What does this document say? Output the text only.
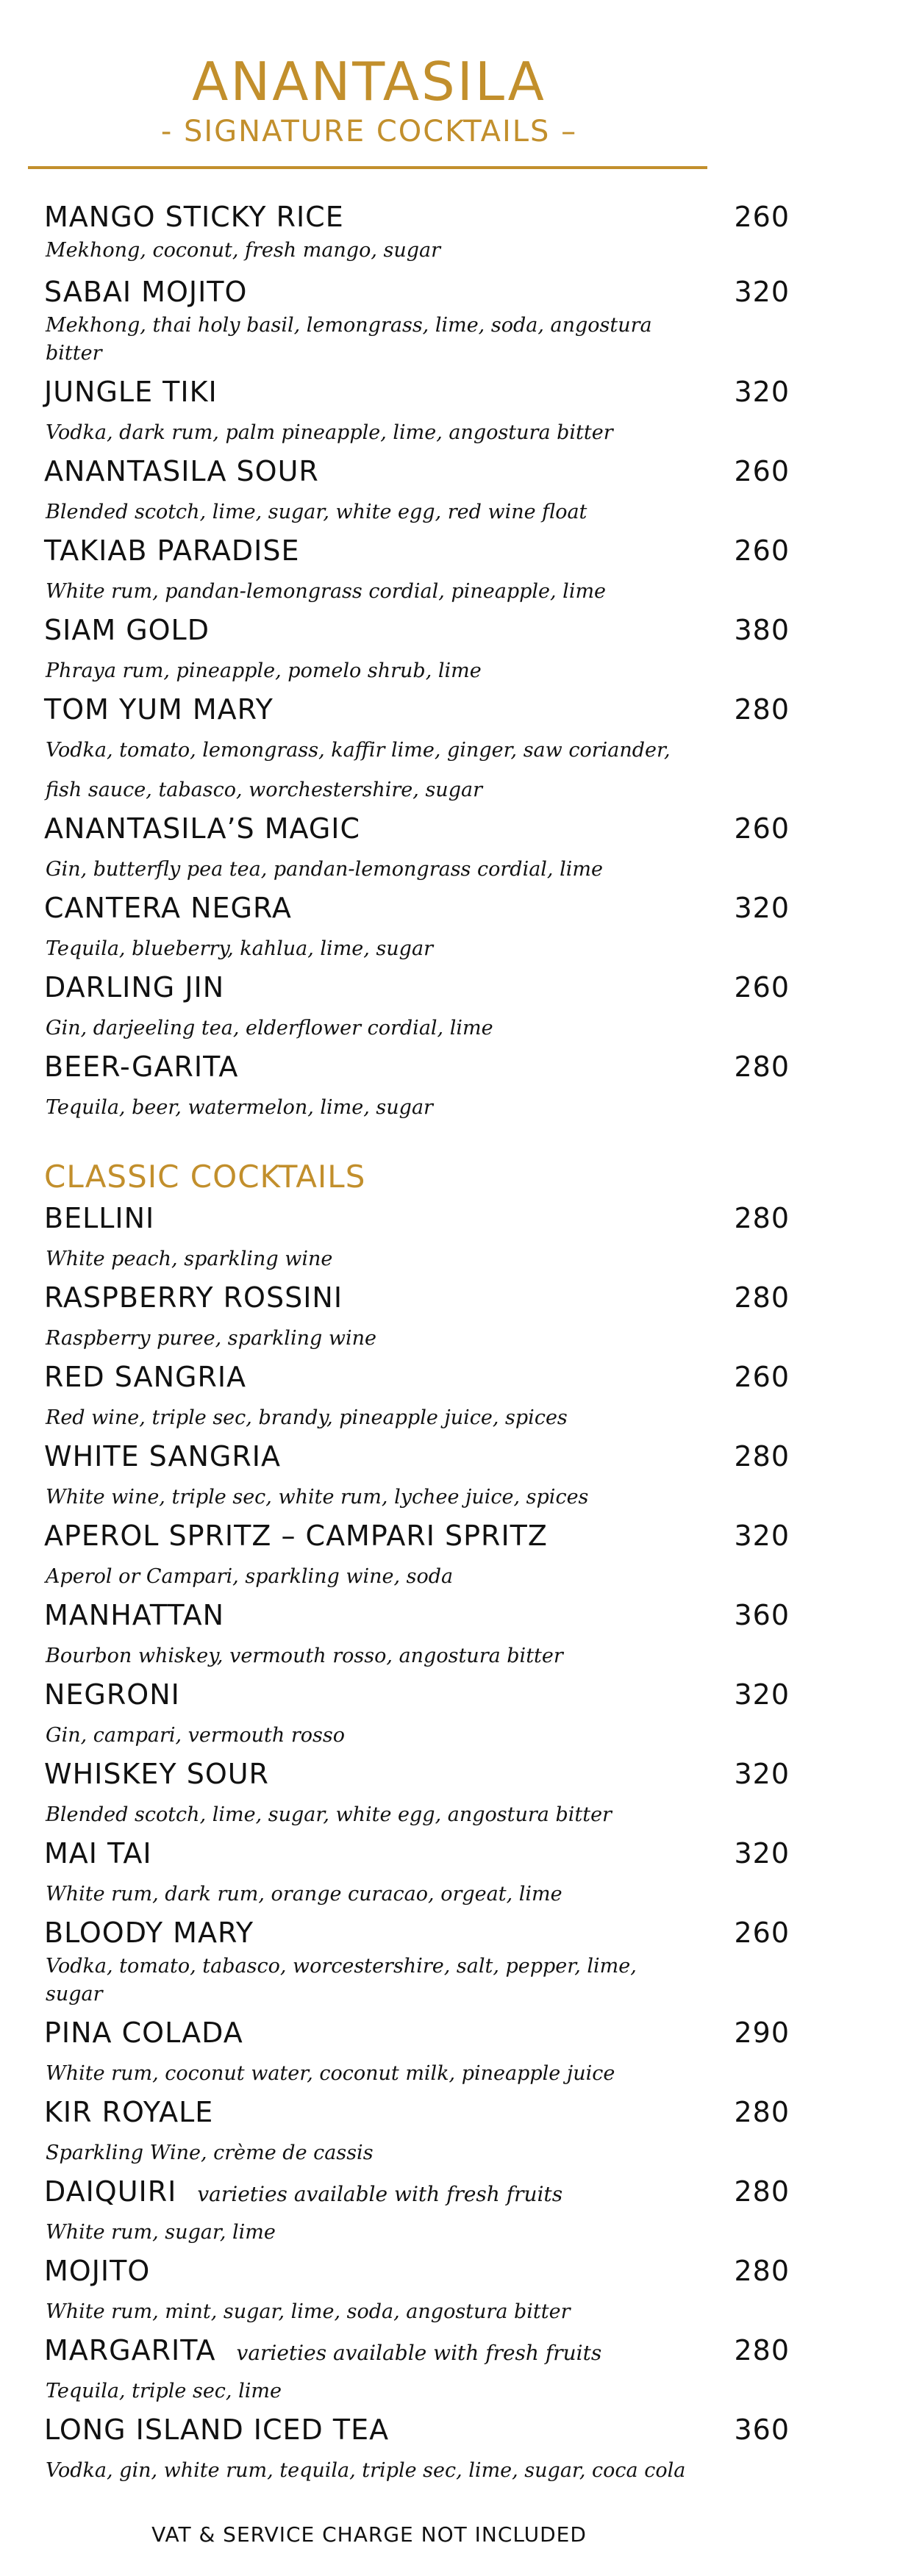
ANANTASILA
- SIGNATURE COCKTAILS –
MANGO STICKY RICE	260
Mekhong, coconut, fresh mango, sugar
SABAI MOJITO	320
Mekhong, thai holy basil, lemongrass, lime, soda, angostura bitter
JUNGLE TIKI	320
Vodka, dark rum, palm pineapple, lime, angostura bitter
ANANTASILA SOUR	260
Blended scotch, lime, sugar, white egg, red wine float
TAKIAB PARADISE	260
White rum, pandan-lemongrass cordial, pineapple, lime
SIAM GOLD	380
Phraya rum, pineapple, pomelo shrub, lime
TOM YUM MARY	280
Vodka, tomato, lemongrass, kaffir lime, ginger, saw coriander,
fish sauce, tabasco, worchestershire, sugar
ANANTASILA’S MAGIC	260
Gin, butterfly pea tea, pandan-lemongrass cordial, lime
CANTERA NEGRA	320
Tequila, blueberry, kahlua, lime, sugar
DARLING JIN	260
Gin, darjeeling tea, elderflower cordial, lime
BEER-GARITA	280
Tequila, beer, watermelon, lime, sugar
CLASSIC COCKTAILS
BELLINI	280
White peach, sparkling wine
RASPBERRY ROSSINI	280
Raspberry puree, sparkling wine
RED SANGRIA	260
Red wine, triple sec, brandy, pineapple juice, spices
WHITE SANGRIA	280
White wine, triple sec, white rum, lychee juice, spices
APEROL SPRITZ – CAMPARI SPRITZ	320
Aperol or Campari, sparkling wine, soda
MANHATTAN	360
Bourbon whiskey, vermouth rosso, angostura bitter
NEGRONI	320
Gin, campari, vermouth rosso
WHISKEY SOUR	320
Blended scotch, lime, sugar, white egg, angostura bitter
MAI TAI	320
White rum, dark rum, orange curacao, orgeat, lime
BLOODY MARY	260
Vodka, tomato, tabasco, worcestershire, salt, pepper, lime, sugar
PINA COLADA	290
White rum, coconut water, coconut milk, pineapple juice
KIR ROYALE	280
Sparkling Wine, crème de cassis
DAIQUIRI varieties available with fresh fruits	280
White rum, sugar, lime
MOJITO	280
White rum, mint, sugar, lime, soda, angostura bitter
MARGARITA varieties available with fresh fruits	280
Tequila, triple sec, lime
LONG ISLAND ICED TEA	360
Vodka, gin, white rum, tequila, triple sec, lime, sugar, coca cola
VAT & SERVICE CHARGE NOT INCLUDED
